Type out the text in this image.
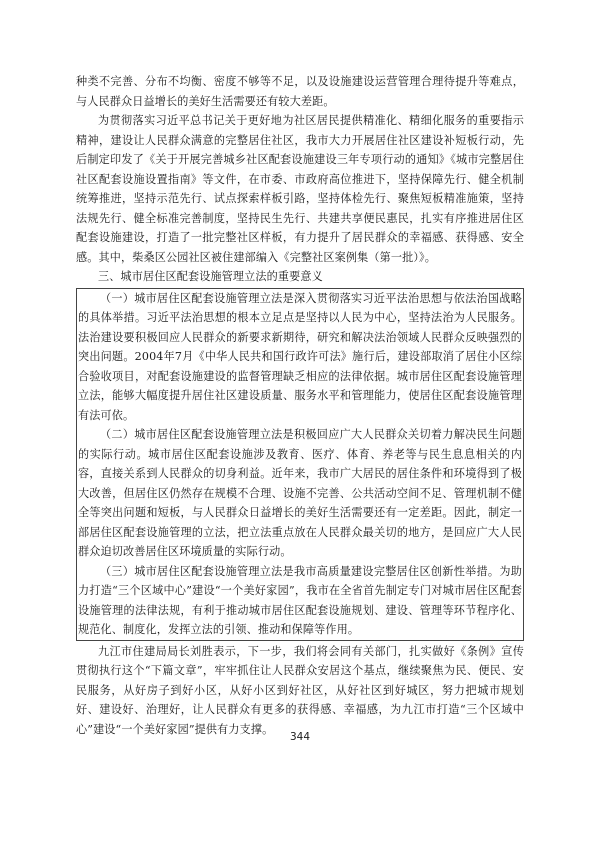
种类不完善、分布不均衡、密度不够等不足，以及设施建设运营管理合理待提升等难点，与人民群众日益增长的美好生活需要还有较大差距。

为贯彻落实习近平总书记关于更好地为社区居民提供精准化、精细化服务的重要指示精神，建设让人民群众满意的完整居住社区，我市大力开展居住社区建设补短板行动，先后制定印发了《关于开展完善城乡社区配套设施建设三年专项行动的通知》《城市完整居住社区配套设施设置指南》等文件，在市委、市政府高位推进下，坚持保障先行、健全机制统筹推进，坚持示范先行、试点探索样板引路，坚持体检先行、聚焦短板精准施策，坚持法规先行、健全标准完善制度，坚持民生先行、共建共享便民惠民，扎实有序推进居住区配套设施建设，打造了一批完整社区样板，有力提升了居民群众的幸福感、获得感、安全感。其中，柴桑区公园社区被住建部编入《完整社区案例集（第一批）》。

三、城市居住区配套设施管理立法的重要意义

（一）城市居住区配套设施管理立法是深入贯彻落实习近平法治思想与依法治国战略的具体举措。习近平法治思想的根本立足点是坚持以人民为中心，坚持法治为人民服务。法治建设要积极回应人民群众的新要求新期待，研究和解决法治领域人民群众反映强烈的突出问题。2004年7月《中华人民共和国行政许可法》施行后，建设部取消了居住小区综合验收项目，对配套设施建设的监督管理缺乏相应的法律依据。城市居住区配套设施管理立法，能够大幅度提升居住社区建设质量、服务水平和管理能力，使居住区配套设施管理有法可依。

（二）城市居住区配套设施管理立法是积极回应广大人民群众关切着力解决民生问题的实际行动。城市居住区配套设施涉及教育、医疗、体育、养老等与民生息息相关的内容，直接关系到人民群众的切身利益。近年来，我市广大居民的居住条件和环境得到了极大改善，但居住区仍然存在规模不合理、设施不完善、公共活动空间不足、管理机制不健全等突出问题和短板，与人民群众日益增长的美好生活需要还有一定差距。因此，制定一部居住区配套设施管理的立法，把立法重点放在人民群众最关切的地方，是回应广大人民群众迫切改善居住区环境质量的实际行动。

（三）城市居住区配套设施管理立法是我市高质量建设完整居住区创新性举措。为助力打造“三个区域中心”建设“一个美好家园”，我市在全省首先制定专门对城市居住区配套设施管理的法律法规，有利于推动城市居住区配套设施规划、建设、管理等环节程序化、规范化、制度化，发挥立法的引领、推动和保障等作用。

九江市住建局局长刘胜表示，下一步，我们将会同有关部门，扎实做好《条例》宣传贯彻执行这个“下篇文章”，牢牢抓住让人民群众安居这个基点，继续聚焦为民、便民、安民服务，从好房子到好小区，从好小区到好社区，从好社区到好城区，努力把城市规划好、建设好、治理好，让人民群众有更多的获得感、幸福感，为九江市打造“三个区域中心”建设“一个美好家园”提供有力支撑。

344
